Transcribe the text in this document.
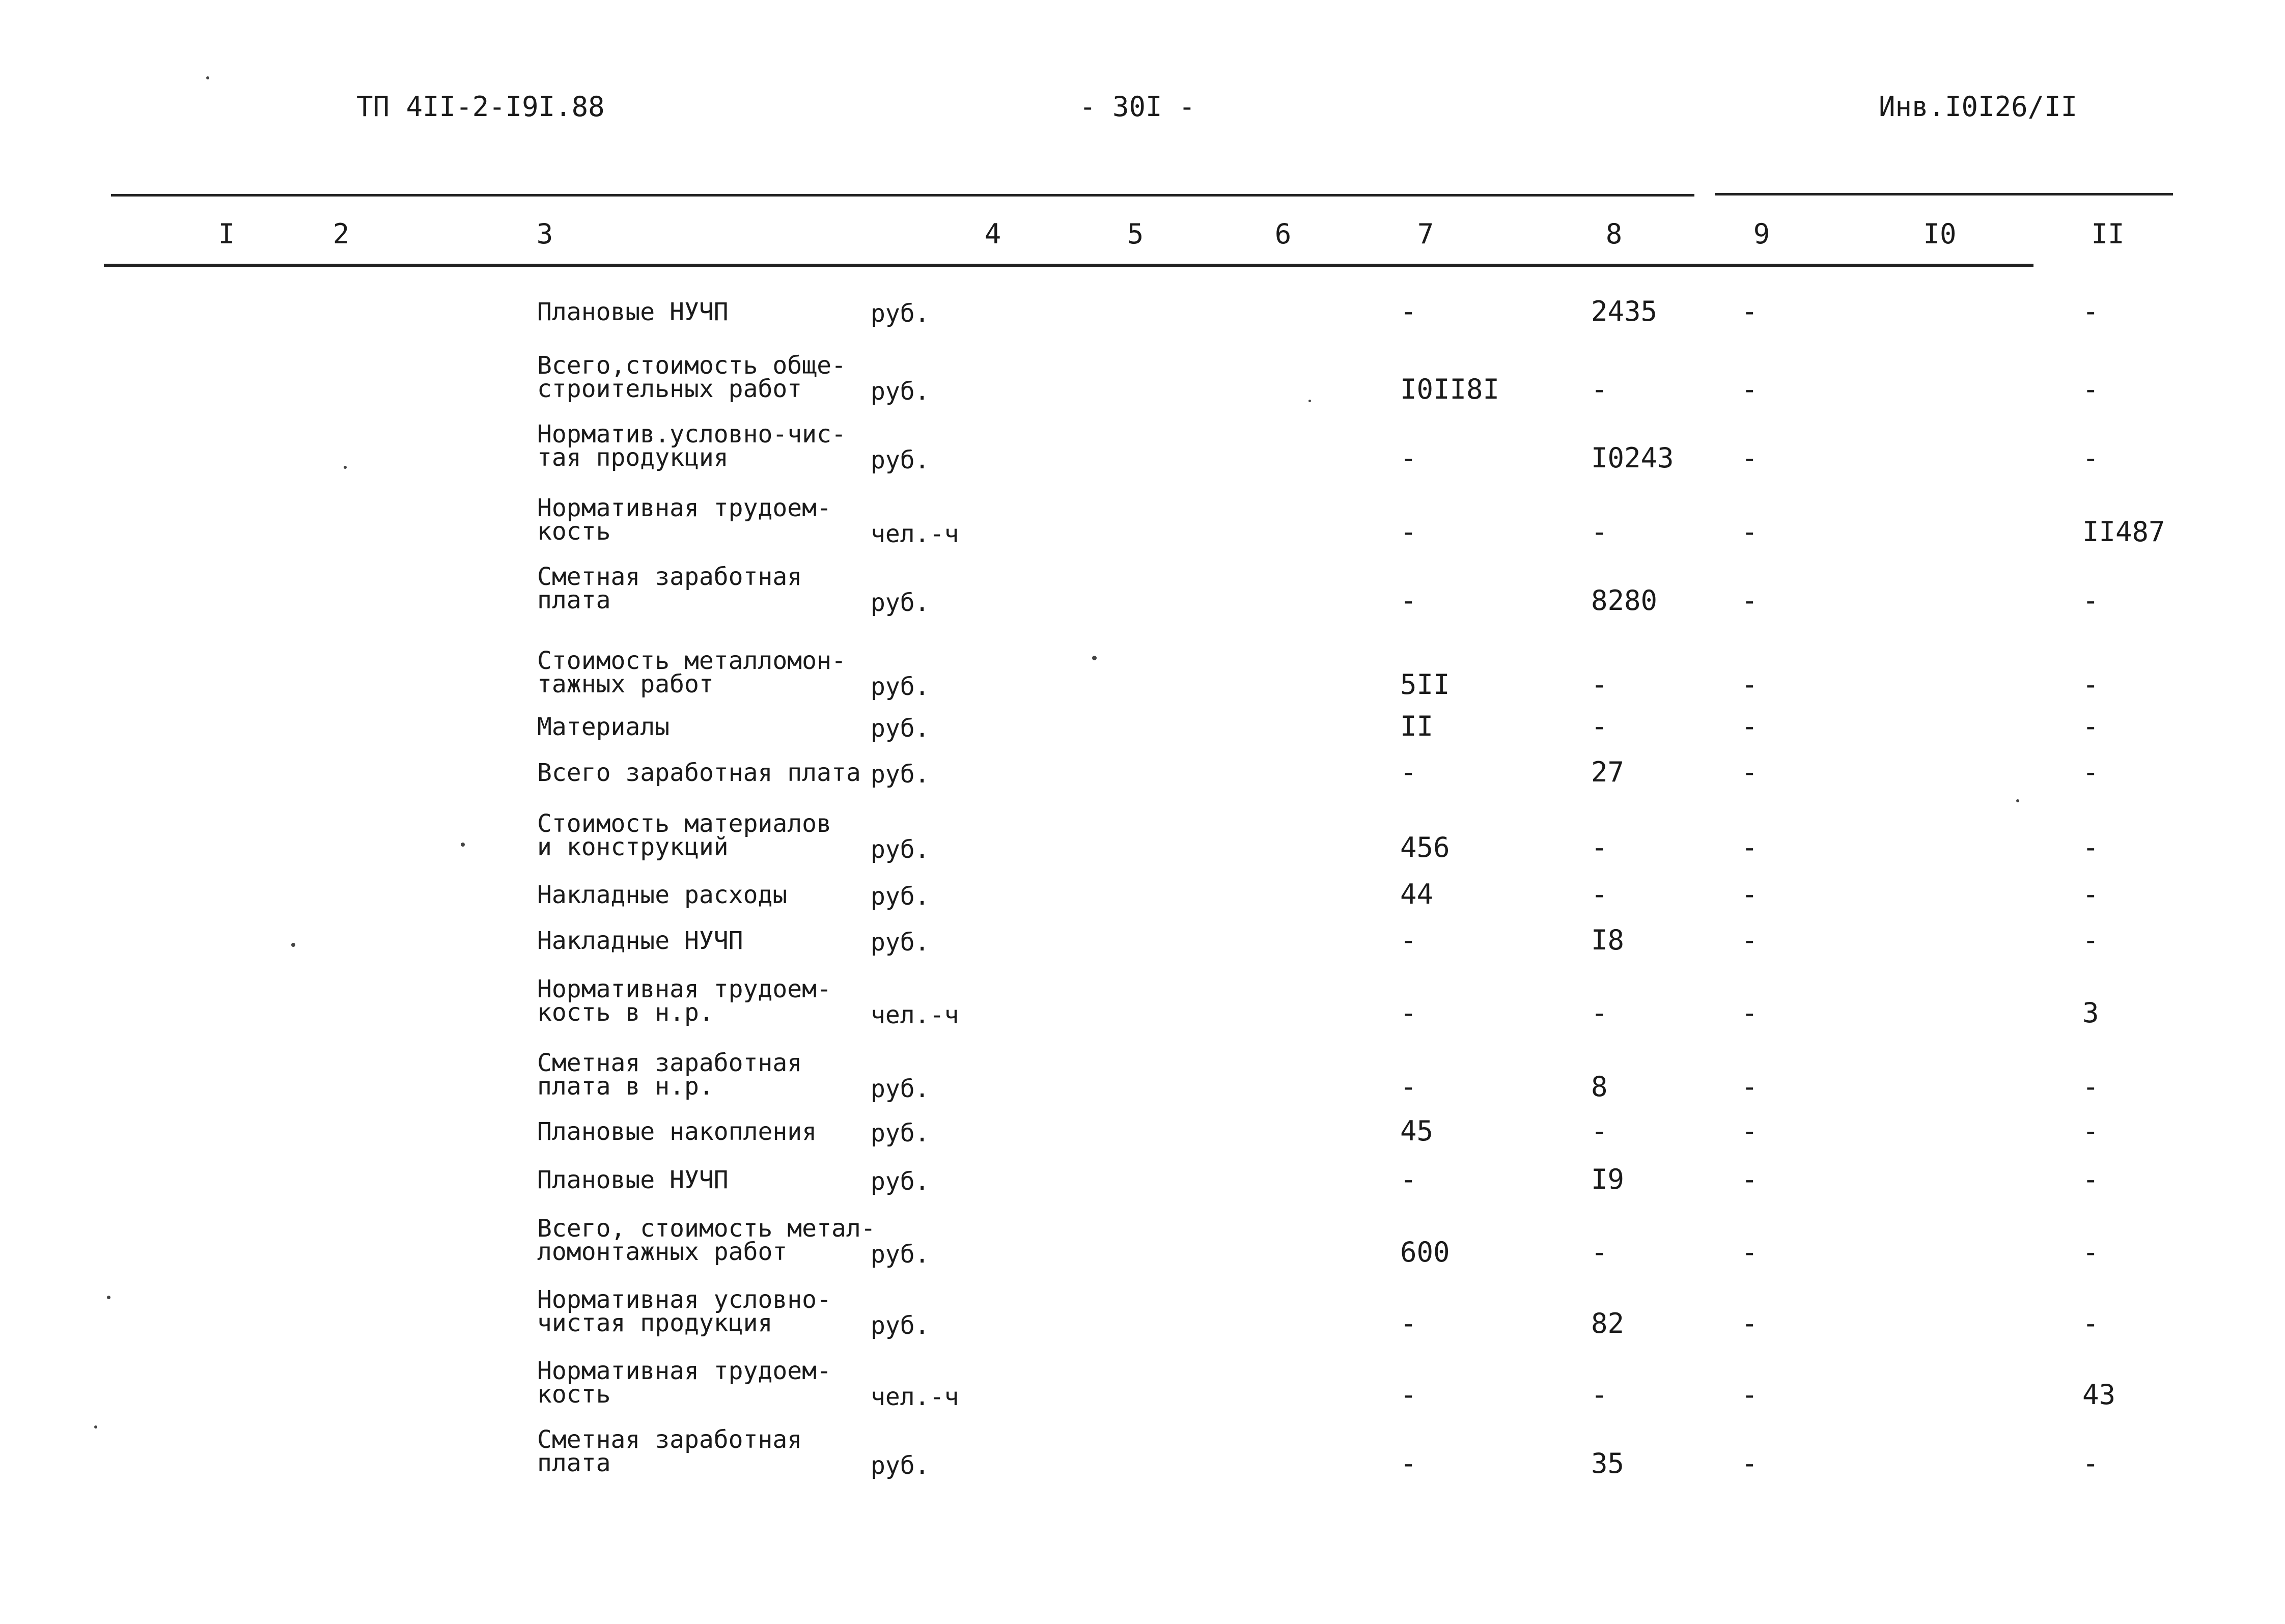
ТП 4II-2-I9I.88	- 30I -	Инв.I0I26/II
I	2	3	4	5	6	7	8	9	I0	II
Плановые НУЧП	руб.	-	2435	-	-
Всего,стоимость обще-
строительных работ	руб.	I0II8I	-	-	-
Норматив.условно-чис-
тая продукция	руб.	-	I0243 -	-
Нормативная трудоем-
кость	чел.-ч	-	-	-	II487
Сметная заработная
плата	руб.	-	8280	-	-
Стоимость металломон-
тажных работ	руб.	5II	-	-	-
Материалы	руб.	II	-	-	-
Всего заработная плата руб.	-	27	-	-
Стоимость материалов
и конструкций	руб.	456	-	-	-
Накладные расходы	руб.	44	-	-	-
Накладные НУЧП	руб.	-	I8	-	-
Нормативная трудоем-
кость в н.р.	чел.-ч	-	-	-	3
Сметная заработная
плата в н.р.	руб.	-	8	-	-
Плановые накопления	руб.	45	-	-	-
Плановые НУЧП	руб.	-	I9	-	-
Всего, стоимость метал-
ломонтажных работ	руб.	600	-	-	-
Нормативная условно-
чистая продукция	руб.	-	82	-	-
Нормативная трудоем-
кость	чел.-ч	-	-	-	43
Сметная заработная
плата	руб.	-	35	-	-
